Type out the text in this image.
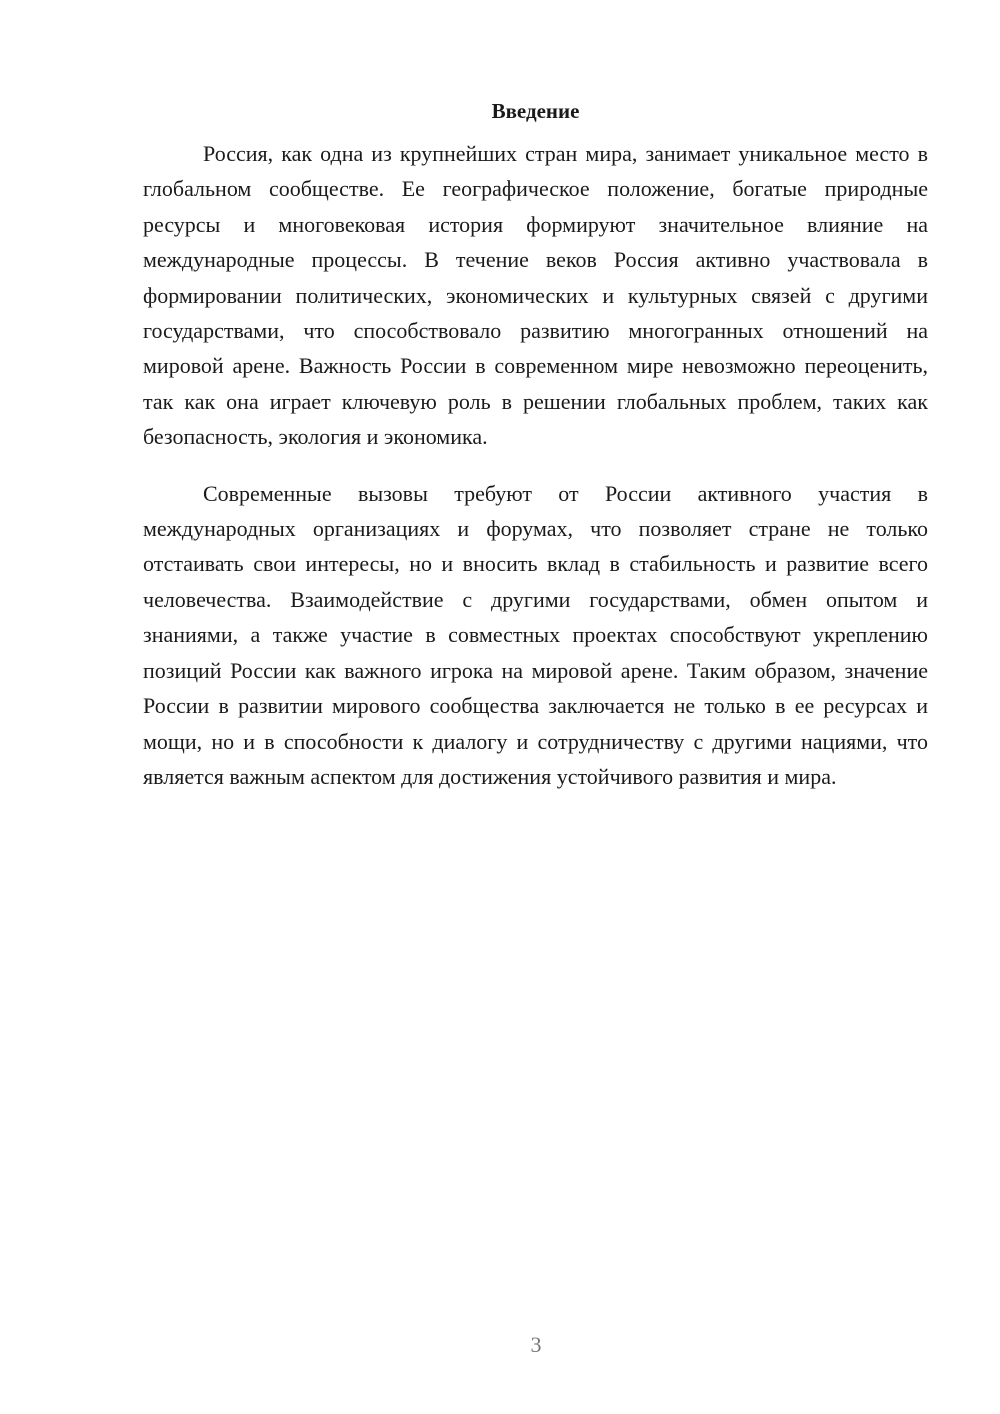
Введение

Россия, как одна из крупнейших стран мира, занимает уникальное место в глобальном сообществе. Ее географическое положение, богатые природные ресурсы и многовековая история формируют значительное влияние на международные процессы. В течение веков Россия активно участвовала в формировании политических, экономических и культурных связей с другими государствами, что способствовало развитию многогранных отношений на мировой арене. Важность России в современном мире невозможно переоценить, так как она играет ключевую роль в решении глобальных проблем, таких как безопасность, экология и экономика.

Современные вызовы требуют от России активного участия в международных организациях и форумах, что позволяет стране не только отстаивать свои интересы, но и вносить вклад в стабильность и развитие всего человечества. Взаимодействие с другими государствами, обмен опытом и знаниями, а также участие в совместных проектах способствуют укреплению позиций России как важного игрока на мировой арене. Таким образом, значение России в развитии мирового сообщества заключается не только в ее ресурсах и мощи, но и в способности к диалогу и сотрудничеству с другими нациями, что является важным аспектом для достижения устойчивого развития и мира.

3
